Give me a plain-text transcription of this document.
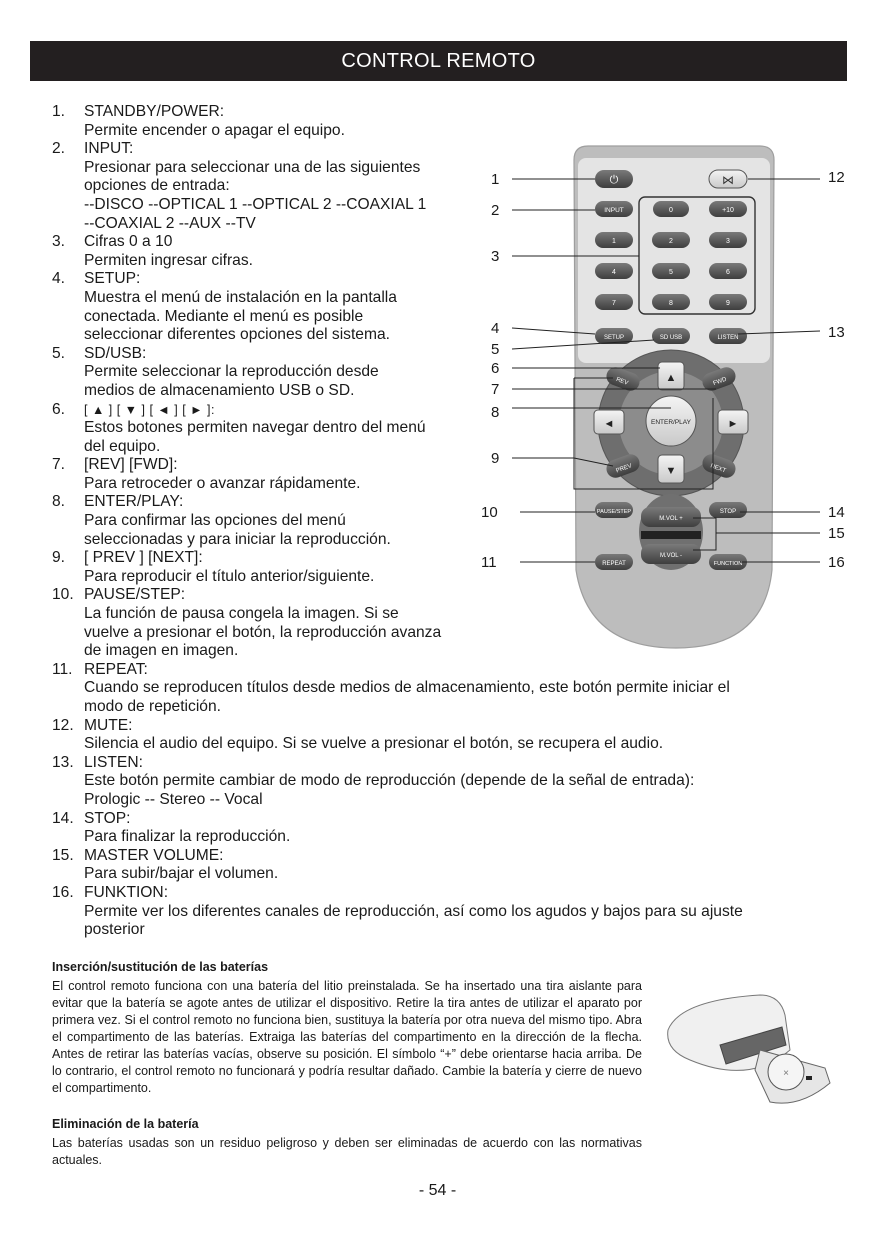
CONTROL REMOTO
1.	STANDBY/POWER:
Permite encender o apagar el equipo.
2.	INPUT:
Presionar para seleccionar una de las siguientes
opciones de entrada:
--DISCO --OPTICAL 1 --OPTICAL 2 --COAXIAL 1
--COAXIAL 2 --AUX --TV
3.	Cifras 0 a 10
Permiten ingresar cifras.
4.	SETUP:
Muestra el menú de instalación en la pantalla
conectada. Mediante el menú es posible
seleccionar diferentes opciones del sistema.
5.	SD/USB:
Permite seleccionar la reproducción desde
medios de almacenamiento USB o SD.
6.	[ ▲ ] [ ▼ ] [ ◄ ] [ ► ]:
Estos botones permiten navegar dentro del menú
del equipo.
7.	[REV] [FWD]:
Para retroceder o avanzar rápidamente.
8.	ENTER/PLAY:
Para confirmar las opciones del menú
seleccionadas y para iniciar la reproducción.
9.	[ PREV ] [NEXT]:
Para reproducir el título anterior/siguiente.
10. PAUSE/STEP:
La función de pausa congela la imagen. Si se
vuelve a presionar el botón, la reproducción avanza
de imagen en imagen.
11. REPEAT:
Cuando se reproducen títulos desde medios de almacenamiento, este botón permite iniciar el
modo de repetición.
12. MUTE:
Silencia el audio del equipo. Si se vuelve a presionar el botón, se recupera el audio.
13. LISTEN:
Este botón permite cambiar de modo de reproducción (depende de la señal de entrada):
Prologic -- Stereo -- Vocal
14. STOP:
Para finalizar la reproducción.
15. MASTER VOLUME:
Para subir/bajar el volumen.
16. FUNKTION:
Permite ver los diferentes canales de reproducción, así como los agudos y bajos para su ajuste
posterior
⏻	⋈
INPUT	0	+10
1	2	3
4	5	6
7	8	9
SETUP	SD USB	LISTEN
REV	FWD
PREV	NEXT
▲
▼
◄	►
ENTER/PLAY
PAUSE/STEP	STOP
M.VOL +
M.VOL -
REPEAT	FUNCTION
1
2
3
4
5
6
7
8
9
10
11
12
13
14
15
16
Inserción/sustitución de las baterías

El control remoto funciona con una batería del litio preinstalada. Se ha insertado una tira aislante para evitar que la batería se agote antes de utilizar el dispositivo. Retire la tira antes de utilizar el aparato por primera vez. Si el control remoto no funciona bien, sustituya la batería por otra nueva del mismo tipo. Abra el compartimento de las baterías. Extraiga las baterías del compartimento en la dirección de la flecha. Antes de retirar las baterías vacías, observe su posición. El símbolo “+” debe orientarse hacia arriba. De lo contrario, el control remoto no funcionará y podría resultar dañado. Cambie la batería y cierre de nuevo el compartimento.

×
Eliminación de la batería

Las baterías usadas son un residuo peligroso y deben ser eliminadas de acuerdo con las normativas actuales.

- 54 -
